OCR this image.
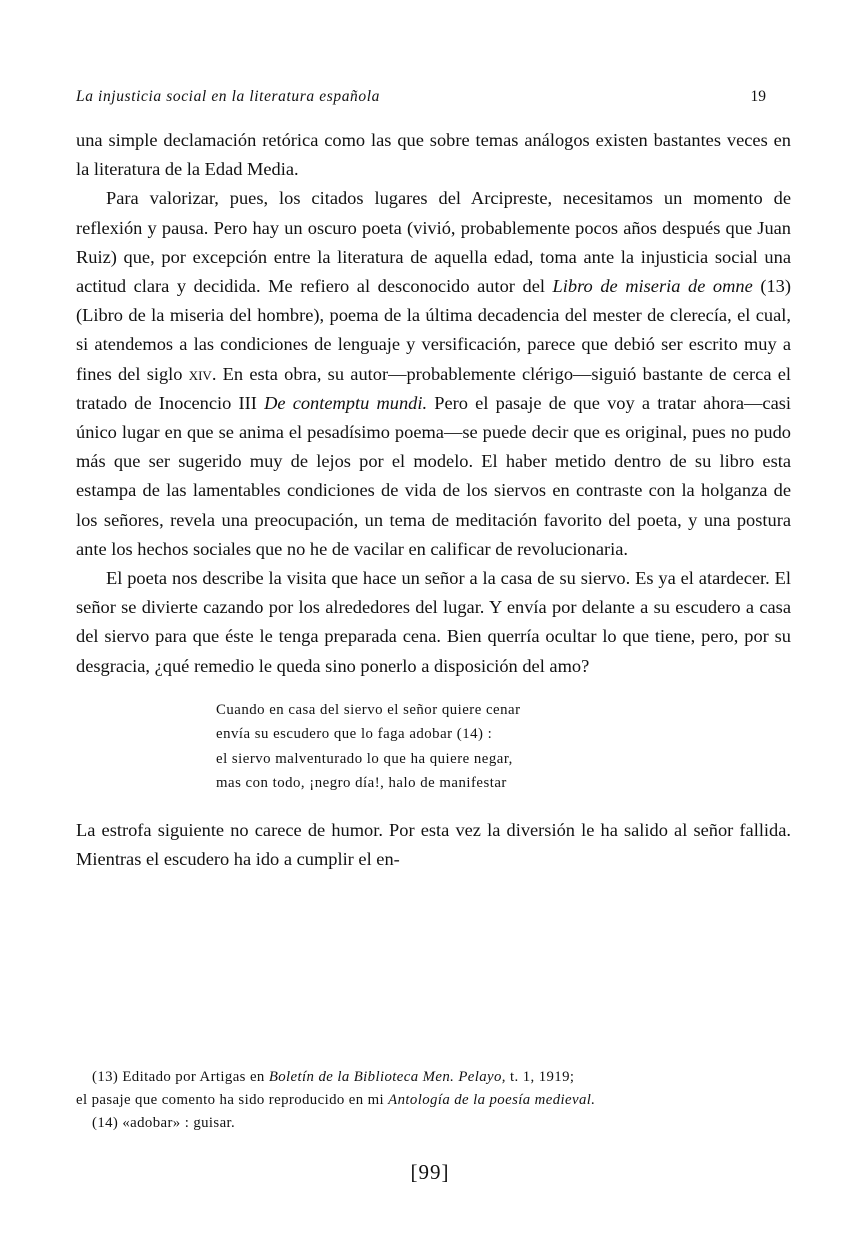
La injusticia social en la literatura española	19

una simple declamación retórica como las que sobre temas análogos existen bastantes veces en la literatura de la Edad Media.

Para valorizar, pues, los citados lugares del Arcipreste, necesitamos un momento de reflexión y pausa. Pero hay un oscuro poeta (vivió, probablemente pocos años después que Juan Ruiz) que, por excepción entre la literatura de aquella edad, toma ante la injusticia social una actitud clara y decidida. Me refiero al desconocido autor del Libro de miseria de omne (13) (Libro de la miseria del hombre), poema de la última decadencia del mester de clerecía, el cual, si atendemos a las condiciones de lenguaje y versificación, parece que debió ser escrito muy a fines del siglo xiv. En esta obra, su autor—probablemente clérigo—siguió bastante de cerca el tratado de Inocencio III De contemptu mundi. Pero el pasaje de que voy a tratar ahora—casi único lugar en que se anima el pesadísimo poema—se puede decir que es original, pues no pudo más que ser sugerido muy de lejos por el modelo. El haber metido dentro de su libro esta estampa de las lamentables condiciones de vida de los siervos en contraste con la holganza de los señores, revela una preocupación, un tema de meditación favorito del poeta, y una postura ante los hechos sociales que no he de vacilar en calificar de revolucionaria.

El poeta nos describe la visita que hace un señor a la casa de su siervo. Es ya el atardecer. El señor se divierte cazando por los alrededores del lugar. Y envía por delante a su escudero a casa del siervo para que éste le tenga preparada cena. Bien querría ocultar lo que tiene, pero, por su desgracia, ¿qué remedio le queda sino ponerlo a disposición del amo?

Cuando en casa del siervo el señor quiere cenar
envía su escudero que lo faga adobar (14) :
el siervo malventurado lo que ha quiere negar,
mas con todo, ¡negro día!, halo de manifestar

La estrofa siguiente no carece de humor. Por esta vez la diversión le ha salido al señor fallida. Mientras el escudero ha ido a cumplir el en-

(13) Editado por Artigas en Boletín de la Biblioteca Men. Pelayo, t. 1, 1919;
el pasaje que comento ha sido reproducido en mi Antología de la poesía medieval.
(14) «adobar» : guisar.
[99]
